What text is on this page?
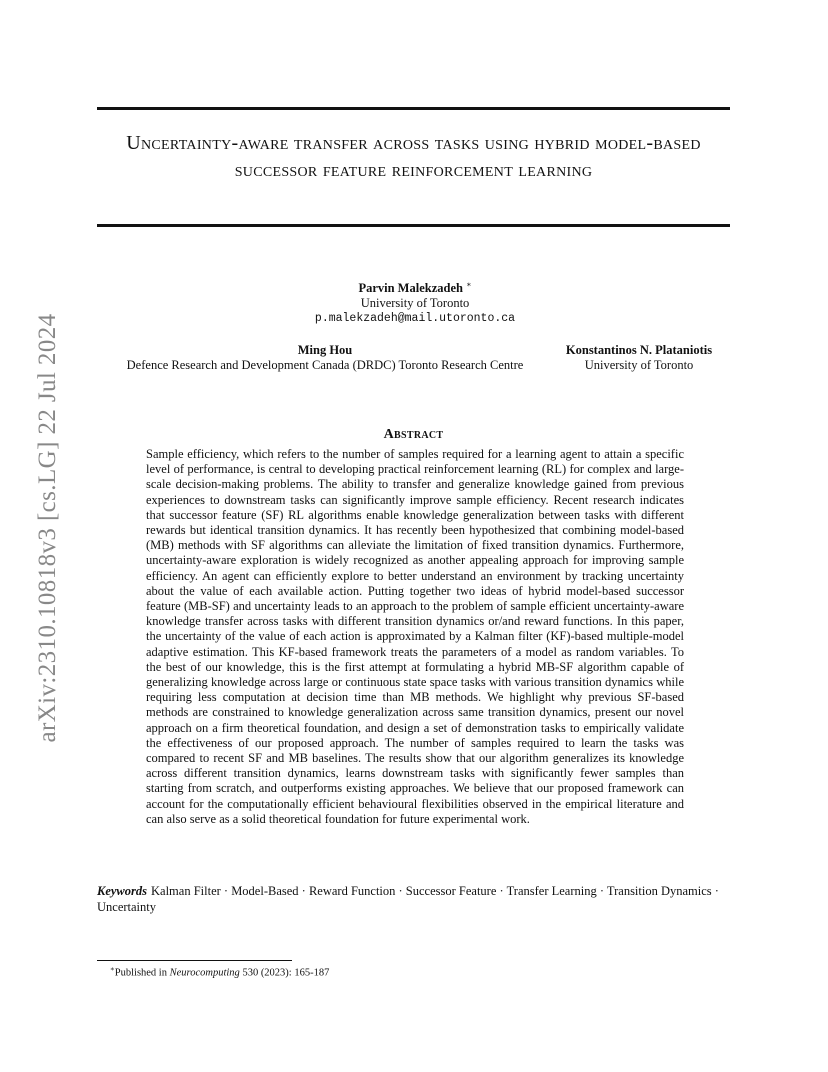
arXiv:2310.10818v3 [cs.LG] 22 Jul 2024
Uncertainty-aware transfer across tasks using hybrid model-based successor feature reinforcement learning
Parvin Malekzadeh ∗
University of Toronto
p.malekzadeh@mail.utoronto.ca
Ming Hou
Defence Research and Development Canada (DRDC) Toronto Research Centre
Konstantinos N. Plataniotis
University of Toronto
Abstract

Sample efficiency, which refers to the number of samples required for a learning agent to attain a specific level of performance, is central to developing practical reinforcement learning (RL) for complex and large-scale decision-making problems. The ability to transfer and generalize knowledge gained from previous experiences to downstream tasks can significantly improve sample efficiency. Recent research indicates that successor feature (SF) RL algorithms enable knowledge generalization between tasks with different rewards but identical transition dynamics. It has recently been hypothesized that combining model-based (MB) methods with SF algorithms can alleviate the limitation of fixed transition dynamics. Furthermore, uncertainty-aware exploration is widely recognized as another appealing approach for improving sample efficiency. An agent can efficiently explore to better understand an environment by tracking uncertainty about the value of each available action. Putting together two ideas of hybrid model-based successor feature (MB-SF) and uncertainty leads to an approach to the problem of sample efficient uncertainty-aware knowledge transfer across tasks with different transition dynamics or/and reward functions. In this paper, the uncertainty of the value of each action is approximated by a Kalman filter (KF)-based multiple-model adaptive estimation. This KF-based framework treats the parameters of a model as random variables. To the best of our knowledge, this is the first attempt at formulating a hybrid MB-SF algorithm capable of generalizing knowledge across large or continuous state space tasks with various transition dynamics while requiring less computation at decision time than MB methods. We highlight why previous SF-based methods are constrained to knowledge generalization across same transition dynamics, present our novel approach on a firm theoretical foundation, and design a set of demonstration tasks to empirically validate the effectiveness of our proposed approach. The number of samples required to learn the tasks was compared to recent SF and MB baselines. The results show that our algorithm generalizes its knowledge across different transition dynamics, learns downstream tasks with significantly fewer samples than starting from scratch, and outperforms existing approaches. We believe that our proposed framework can account for the computationally efficient behavioural flexibilities observed in the empirical literature and can also serve as a solid theoretical foundation for future experimental work.

Keywords Kalman Filter · Model-Based · Reward Function · Successor Feature · Transfer Learning · Transition Dynamics · Uncertainty

∗Published in Neurocomputing 530 (2023): 165-187
